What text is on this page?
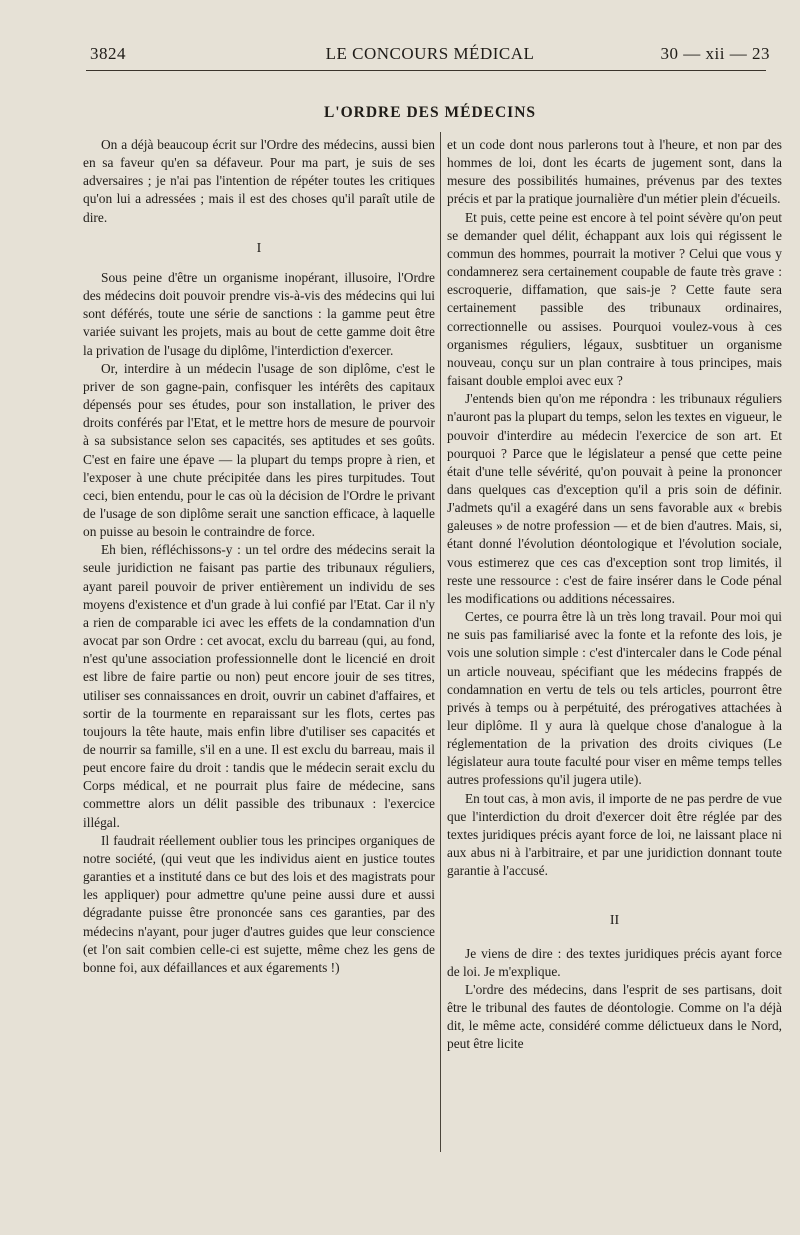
3824	LE CONCOURS MÉDICAL	30 — xii — 23
L'ORDRE DES MÉDECINS

On a déjà beaucoup écrit sur l'Ordre des médecins, aussi bien en sa faveur qu'en sa défaveur. Pour ma part, je suis de ses adversaires ; je n'ai pas l'intention de répéter toutes les critiques qu'on lui a adressées ; mais il est des choses qu'il paraît utile de dire.

I

Sous peine d'être un organisme inopérant, illusoire, l'Ordre des médecins doit pouvoir prendre vis-à-vis des médecins qui lui sont déférés, toute une série de sanctions : la gamme peut être variée suivant les projets, mais au bout de cette gamme doit être la privation de l'usage du diplôme, l'interdiction d'exercer.

Or, interdire à un médecin l'usage de son diplôme, c'est le priver de son gagne-pain, confisquer les intérêts des capitaux dépensés pour ses études, pour son installation, le priver des droits conférés par l'Etat, et le mettre hors de mesure de pourvoir à sa subsistance selon ses capacités, ses aptitudes et ses goûts. C'est en faire une épave — la plupart du temps propre à rien, et l'exposer à une chute précipitée dans les pires turpitudes. Tout ceci, bien entendu, pour le cas où la décision de l'Ordre le privant de l'usage de son diplôme serait une sanction efficace, à laquelle on puisse au besoin le contraindre de force.

Eh bien, réfléchissons-y : un tel ordre des médecins serait la seule juridiction ne faisant pas partie des tribunaux réguliers, ayant pareil pouvoir de priver entièrement un individu de ses moyens d'existence et d'un grade à lui confié par l'Etat. Car il n'y a rien de comparable ici avec les effets de la condamnation d'un avocat par son Ordre : cet avocat, exclu du barreau (qui, au fond, n'est qu'une association professionnelle dont le licencié en droit est libre de faire partie ou non) peut encore jouir de ses titres, utiliser ses connaissances en droit, ouvrir un cabinet d'affaires, et sortir de la tourmente en reparaissant sur les flots, certes pas toujours la tête haute, mais enfin libre d'utiliser ses capacités et de nourrir sa famille, s'il en a une. Il est exclu du barreau, mais il peut encore faire du droit : tandis que le médecin serait exclu du Corps médical, et ne pourrait plus faire de médecine, sans commettre alors un délit passible des tribunaux : l'exercice illégal.

Il faudrait réellement oublier tous les principes organiques de notre société, (qui veut que les individus aient en justice toutes garanties et a instituté dans ce but des lois et des magistrats pour les appliquer) pour admettre qu'une peine aussi dure et aussi dégradante puisse être prononcée sans ces garanties, par des médecins n'ayant, pour juger d'autres guides que leur conscience (et l'on sait combien celle-ci est sujette, même chez les gens de bonne foi, aux défaillances et aux égarements !)

et un code dont nous parlerons tout à l'heure, et non par des hommes de loi, dont les écarts de jugement sont, dans la mesure des possibilités humaines, prévenus par des textes précis et par la pratique journalière d'un métier plein d'écueils.

Et puis, cette peine est encore à tel point sévère qu'on peut se demander quel délit, échappant aux lois qui régissent le commun des hommes, pourrait la motiver ? Celui que vous y condamnerez sera certainement coupable de faute très grave : escroquerie, diffamation, que sais-je ? Cette faute sera certainement passible des tribunaux ordinaires, correctionnelle ou assises. Pourquoi voulez-vous à ces organismes réguliers, légaux, susbtituer un organisme nouveau, conçu sur un plan contraire à tous principes, mais faisant double emploi avec eux ?

J'entends bien qu'on me répondra : les tribunaux réguliers n'auront pas la plupart du temps, selon les textes en vigueur, le pouvoir d'interdire au médecin l'exercice de son art. Et pourquoi ? Parce que le législateur a pensé que cette peine était d'une telle sévérité, qu'on pouvait à peine la prononcer dans quelques cas d'exception qu'il a pris soin de définir. J'admets qu'il a exagéré dans un sens favorable aux « brebis galeuses » de notre profession — et de bien d'autres. Mais, si, étant donné l'évolution déontologique et l'évolution sociale, vous estimerez que ces cas d'exception sont trop limités, il reste une ressource : c'est de faire insérer dans le Code pénal les modifications ou additions nécessaires.

Certes, ce pourra être là un très long travail. Pour moi qui ne suis pas familiarisé avec la fonte et la refonte des lois, je vois une solution simple : c'est d'intercaler dans le Code pénal un article nouveau, spécifiant que les médecins frappés de condamnation en vertu de tels ou tels articles, pourront être privés à temps ou à perpétuité, des prérogatives attachées à leur diplôme. Il y aura là quelque chose d'analogue à la réglementation de la privation des droits civiques (Le législateur aura toute faculté pour viser en même temps telles autres professions qu'il jugera utile).

En tout cas, à mon avis, il importe de ne pas perdre de vue que l'interdiction du droit d'exercer doit être réglée par des textes juridiques précis ayant force de loi, ne laissant place ni aux abus ni à l'arbitraire, et par une juridiction donnant toute garantie à l'accusé.

II

Je viens de dire : des textes juridiques précis ayant force de loi. Je m'explique.

L'ordre des médecins, dans l'esprit de ses partisans, doit être le tribunal des fautes de déontologie. Comme on l'a déjà dit, le même acte, considéré comme délictueux dans le Nord, peut être licite
